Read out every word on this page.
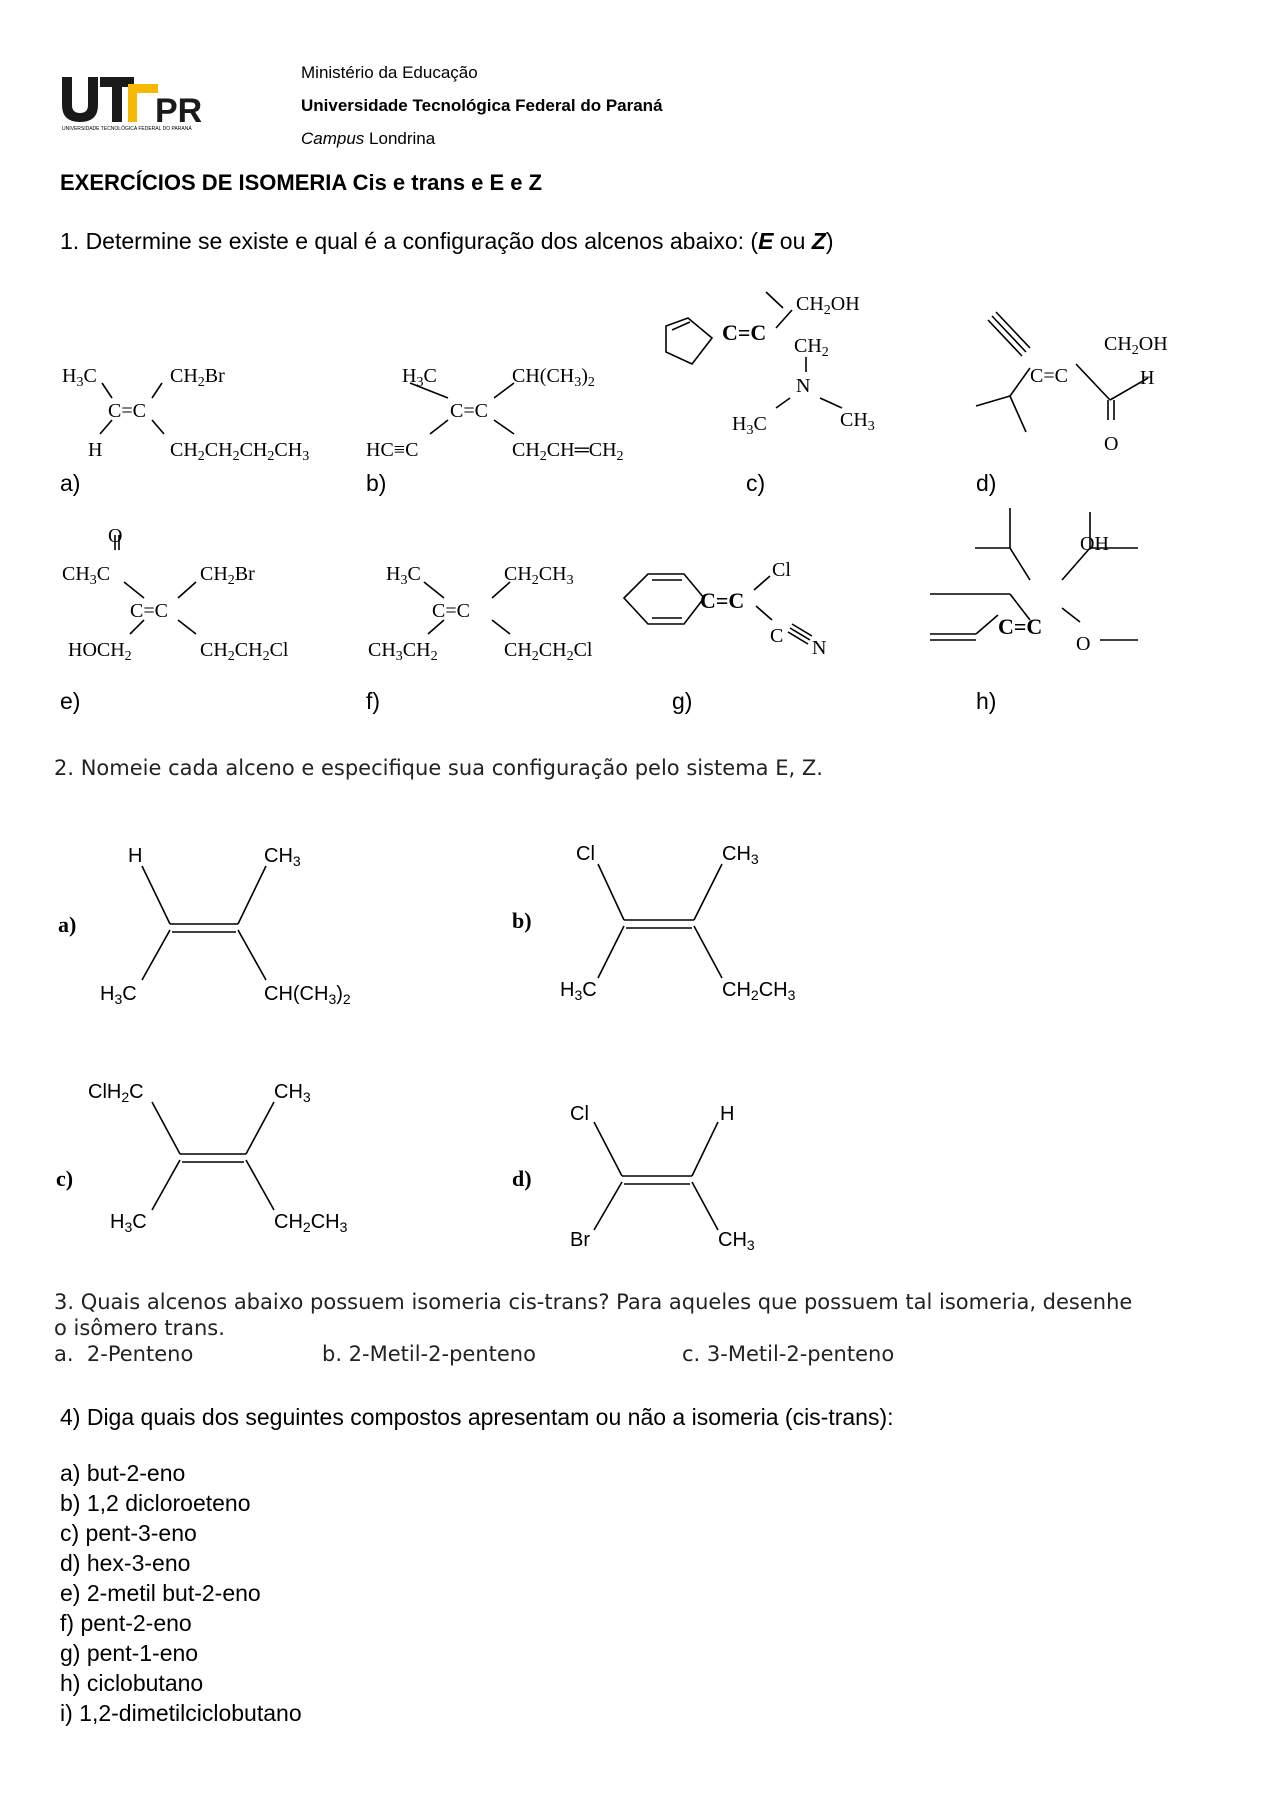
PR
UNIVERSIDADE TECNOLÓGICA FEDERAL DO PARANÁ
Ministério da Educação
Universidade Tecnológica Federal do Paraná
Campus Londrina
EXERCÍCIOS DE ISOMERIA Cis e trans e E e Z
1. Determine se existe e qual é a configuração dos alcenos abaixo: (E ou Z)
$H_3C$	$CH_2Br$
C=C
H	$CH_2CH_2CH_2CH_3$
$H_3C$	$CH(CH_3)_2$
C=C
HC≡C	$CH_2CH═CH_2$
$CH_2OH$
C=C
$CH_2$
N
$H_3C$	$CH_3$
$CH_2OH$
C=C	H
O
O
$CH_3C$	$CH_2Br$
C=C
$HOCH_2$	$CH_2CH_2Cl$
$H_3C$	$CH_2CH_3$
C=C
$CH_3CH_2$	$CH_2CH_2Cl$
Cl
C=C
C
N
OH
C=C
O
a)	b)	c)	d)
e)	f)	g)	h)
2. Nomeie cada alceno e especifique sua configuração pelo sistema E, Z.
H	$CH_3$
$H_3C$	$CH(CH_3)_2$
Cl	$CH_3$
$H_3C$	$CH_2CH_3$
ClH$_2$C	$CH_3$
$H_3C$	$CH_2CH_3$
Cl	H
Br	$CH_3$
a)	b)
c)	d)
3. Quais alcenos abaixo possuem isomeria cis-trans? Para aqueles que possuem tal isomeria, desenhe
o isômero trans.
a.  2-Penteno	b. 2-Metil-2-penteno	c. 3-Metil-2-penteno
4) Diga quais dos seguintes compostos apresentam ou não a isomeria (cis-trans):
a) but-2-eno
b) 1,2 dicloroeteno
c) pent-3-eno
d) hex-3-eno
e) 2-metil but-2-eno
f) pent-2-eno
g) pent-1-eno
h) ciclobutano
i) 1,2-dimetilciclobutano
